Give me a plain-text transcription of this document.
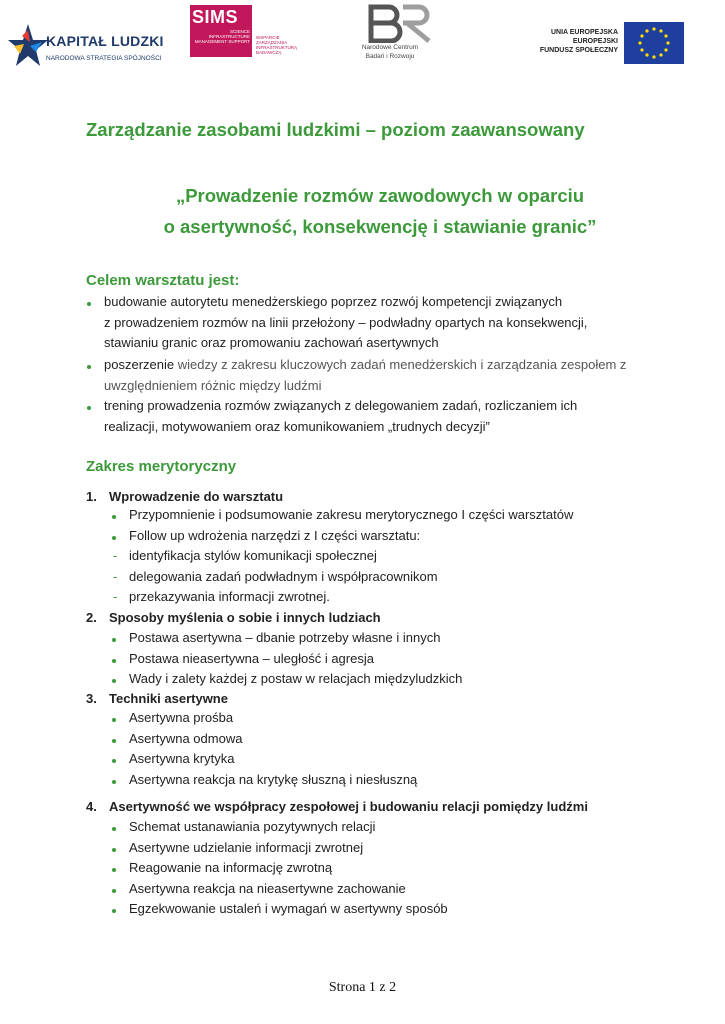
KAPITAŁ LUDZKI
NARODOWA STRATEGIA SPÓJNOŚCI
SIMS
SCIENCE INFRASTRUCTURE MANAGEMENT SUPPORT
WSPARCIE ZARZĄDZANIA INFRASTRUKTURĄ BADAWCZĄ
Narodowe Centrum
Badań i Rozwoju
UNIA EUROPEJSKA
EUROPEJSKI
FUNDUSZ SPOŁECZNY
Zarządzanie zasobami ludzkimi – poziom zaawansowany
„Prowadzenie rozmów zawodowych w oparciu
o asertywność, konsekwencję i stawianie granic”
Celem warsztatu jest:
budowanie autorytetu menedżerskiego poprzez rozwój kompetencji związanych
z prowadzeniem rozmów na linii przełożony – podwładny opartych na konsekwencji,
stawianiu granic oraz promowaniu zachowań asertywnych
poszerzenie wiedzy z zakresu kluczowych zadań menedżerskich i zarządzania zespołem z
uwzględnieniem różnic między ludźmi
trening prowadzenia rozmów związanych z delegowaniem zadań, rozliczaniem ich
realizacji, motywowaniem oraz komunikowaniem „trudnych decyzji”
Zakres merytoryczny
1. Wprowadzenie do warsztatu
Przypomnienie i podsumowanie zakresu merytorycznego I części warsztatów
Follow up wdrożenia narzędzi z I części warsztatu:
- identyfikacja stylów komunikacji społecznej
- delegowania zadań podwładnym i współpracownikom
- przekazywania informacji zwrotnej.
2. Sposoby myślenia o sobie i innych ludziach
Postawa asertywna – dbanie potrzeby własne i innych
Postawa nieasertywna – uległość i agresja
Wady i zalety każdej z postaw w relacjach międzyludzkich
3. Techniki asertywne
Asertywna prośba
Asertywna odmowa
Asertywna krytyka
Asertywna reakcja na krytykę słuszną i niesłuszną
4. Asertywność we współpracy zespołowej i budowaniu relacji pomiędzy ludźmi
Schemat ustanawiania pozytywnych relacji
Asertywne udzielanie informacji zwrotnej
Reagowanie na informację zwrotną
Asertywna reakcja na nieasertywne zachowanie
Egzekwowanie ustaleń i wymagań w asertywny sposób
Strona 1 z 2
